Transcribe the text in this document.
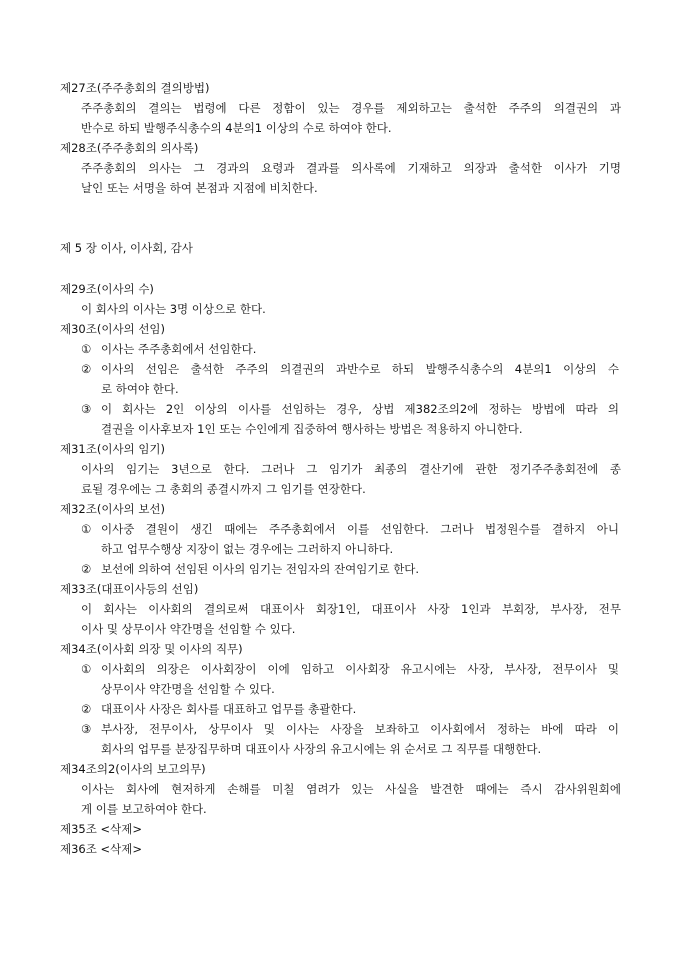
제27조(주주총회의 결의방법)
주주총회의 결의는 법령에 다른 정함이 있는 경우를 제외하고는 출석한 주주의 의결권의 과
반수로 하되 발행주식총수의 4분의1 이상의 수로 하여야 한다.
제28조(주주총회의 의사록)
주주총회의 의사는 그 경과의 요령과 결과를 의사록에 기재하고 의장과 출석한 이사가 기명
날인 또는 서명을 하여 본점과 지점에 비치한다.
제 5 장 이사, 이사회, 감사
제29조(이사의 수)
이 회사의 이사는 3명 이상으로 한다.
제30조(이사의 선임)
① 이사는 주주총회에서 선임한다.
② 이사의 선임은 출석한 주주의 의결권의 과반수로 하되 발행주식총수의 4분의1 이상의 수
로 하여야 한다.
③ 이 회사는 2인 이상의 이사를 선임하는 경우, 상법 제382조의2에 정하는 방법에 따라 의
결권을 이사후보자 1인 또는 수인에게 집중하여 행사하는 방법은 적용하지 아니한다.
제31조(이사의 임기)
이사의 임기는 3년으로 한다. 그러나 그 임기가 최종의 결산기에 관한 정기주주총회전에 종
료될 경우에는 그 총회의 종결시까지 그 임기를 연장한다.
제32조(이사의 보선)
① 이사중 결원이 생긴 때에는 주주총회에서 이를 선임한다. 그러나 법정원수를 결하지 아니
하고 업무수행상 지장이 없는 경우에는 그러하지 아니하다.
② 보선에 의하여 선임된 이사의 임기는 전임자의 잔여임기로 한다.
제33조(대표이사등의 선임)
이 회사는 이사회의 결의로써 대표이사 회장1인, 대표이사 사장 1인과 부회장, 부사장, 전무
이사 및 상무이사 약간명을 선임할 수 있다.
제34조(이사회 의장 및 이사의 직무)
① 이사회의 의장은 이사회장이 이에 임하고 이사회장 유고시에는 사장, 부사장, 전무이사 및
상무이사 약간명을 선임할 수 있다.
② 대표이사 사장은 회사를 대표하고 업무를 총괄한다.
③ 부사장, 전무이사, 상무이사 및 이사는 사장을 보좌하고 이사회에서 정하는 바에 따라 이
회사의 업무를 분장집무하며 대표이사 사장의 유고시에는 위 순서로 그 직무를 대행한다.
제34조의2(이사의 보고의무)
이사는 회사에 현저하게 손해를 미칠 염려가 있는 사실을 발견한 때에는 즉시 감사위원회에
게 이를 보고하여야 한다.
제35조 <삭제>
제36조 <삭제>
